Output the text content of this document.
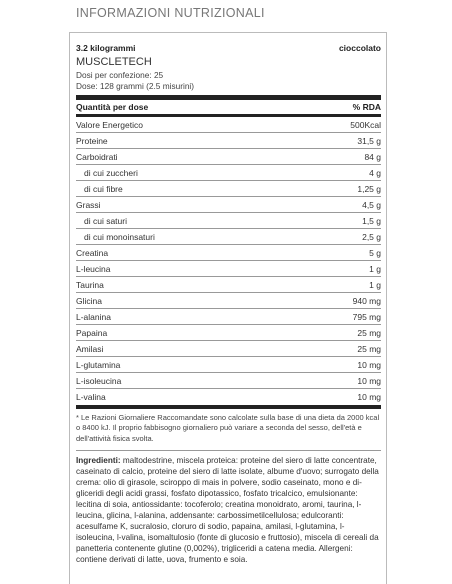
INFORMAZIONI NUTRIZIONALI
3.2 kilogrammi	cioccolato
MUSCLETECH
Dosi per confezione: 25
Dose: 128 grammi (2.5 misurini)
Quantità per dose	% RDA
Valore Energetico	500Kcal
Proteine	31,5 g
Carboidrati	84 g
di cui zuccheri	4 g
di cui fibre	1,25 g
Grassi	4,5 g
di cui saturi	1,5 g
di cui monoinsaturi	2,5 g
Creatina	5 g
L-leucina	1 g
Taurina	1 g
Glicina	940 mg
L-alanina	795 mg
Papaina	25 mg
Amilasi	25 mg
L-glutamina	10 mg
L-isoleucina	10 mg
L-valina	10 mg
* Le Razioni Giornaliere Raccomandate sono calcolate sulla base di una dieta da 2000 kcal o 8400 kJ. Il proprio fabbisogno giornaliero può variare a seconda del sesso, dell'età e dell'attività fisica svolta.
Ingredienti: maltodestrine, miscela proteica: proteine del siero di latte concentrate, caseinato di calcio, proteine del siero di latte isolate, albume d'uovo; surrogato della crema: olio di girasole, sciroppo di mais in polvere, sodio caseinato, mono e di-gliceridi degli acidi grassi, fosfato dipotassico, fosfato tricalcico, emulsionante: lecitina di soia, antiossidante: tocoferolo; creatina monoidrato, aromi, taurina, l-leucina, glicina, l-alanina, addensante: carbossimetilcellulosa; edulcoranti: acesulfame K, sucralosio, cloruro di sodio, papaina, amilasi, l-glutamina, l-isoleucina, l-valina, isomaltulosio (fonte di glucosio e fruttosio), miscela di cereali da panetteria contenente glutine (0,002%), trigliceridi a catena media. Allergeni: contiene derivati di latte, uova, frumento e soia.
